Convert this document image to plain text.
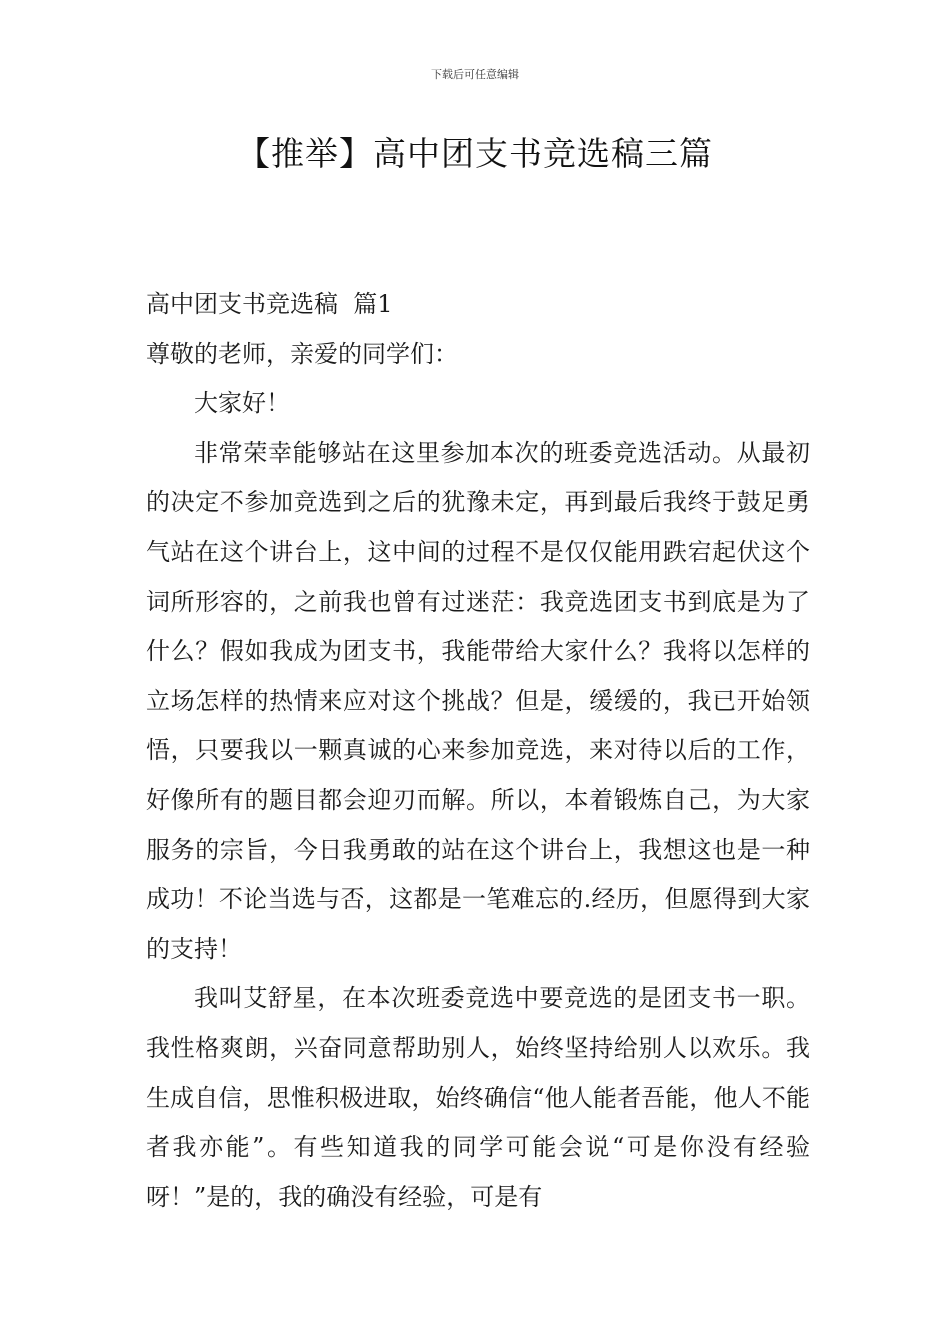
下载后可任意编辑
【推举】高中团支书竞选稿三篇

高中团支书竞选稿  篇1

尊敬的老师，亲爱的同学们：

大家好！

非常荣幸能够站在这里参加本次的班委竞选活动。从最初的决定不参加竞选到之后的犹豫未定，再到最后我终于鼓足勇气站在这个讲台上，这中间的过程不是仅仅能用跌宕起伏这个词所形容的，之前我也曾有过迷茫：我竞选团支书到底是为了什么？假如我成为团支书，我能带给大家什么？我将以怎样的立场怎样的热情来应对这个挑战？但是，缓缓的，我已开始领悟，只要我以一颗真诚的心来参加竞选，来对待以后的工作，好像所有的题目都会迎刃而解。所以，本着锻炼自己，为大家服务的宗旨，今日我勇敢的站在这个讲台上，我想这也是一种成功！不论当选与否，这都是一笔难忘的.经历，但愿得到大家的支持！

我叫艾舒星，在本次班委竞选中要竞选的是团支书一职。我性格爽朗，兴奋同意帮助别人，始终坚持给别人以欢乐。我生成自信，思惟积极进取，始终确信“他人能者吾能，他人不能者我亦能”。有些知道我的同学可能会说“可是你没有经验呀！”是的，我的确没有经验，可是有
